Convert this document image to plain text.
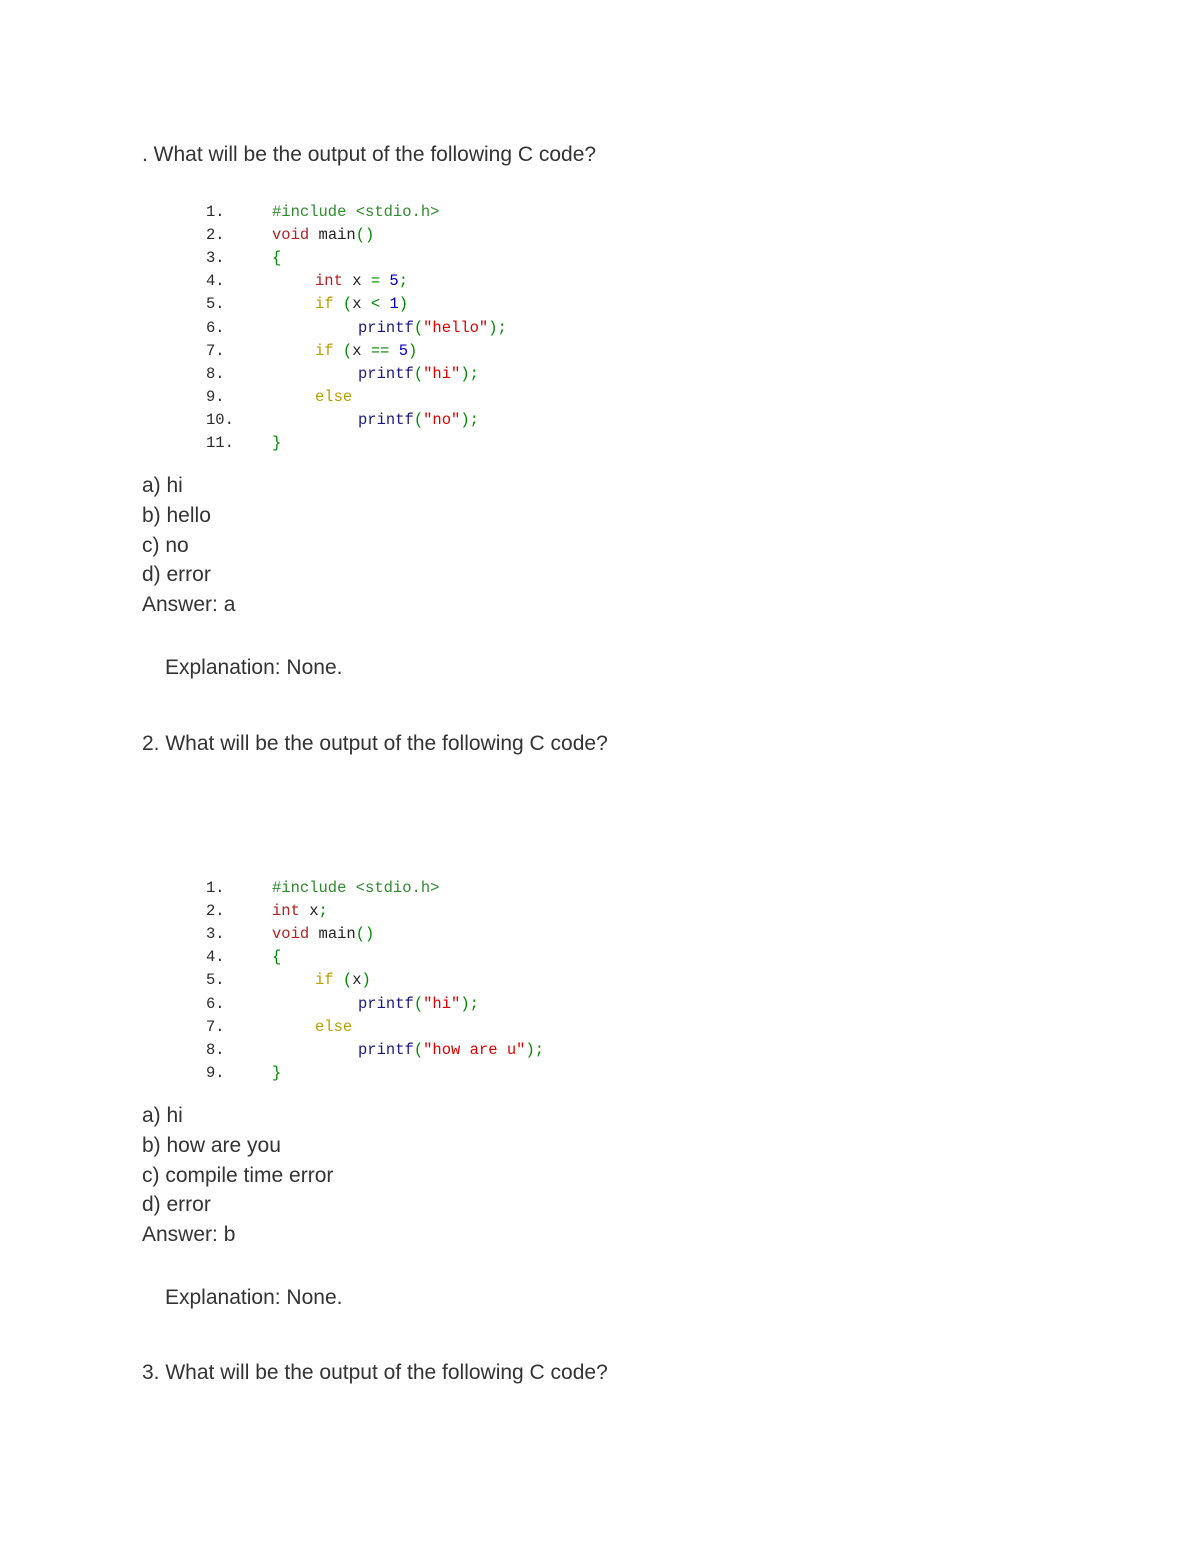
. What will be the output of the following C code?
1.	#include <stdio.h>
2.	void main()
3.	{
4.	int x = 5;
5.	if (x < 1)
6.	printf("hello");
7.	if (x == 5)
8.	printf("hi");
9.	else
10.	printf("no");
11. }
a) hi
b) hello
c) no
d) error
Answer: a
Explanation: None.
2. What will be the output of the following C code?
1.	#include <stdio.h>
2.	int x;
3.	void main()
4.	{
5.	if (x)
6.	printf("hi");
7.	else
8.	printf("how are u");
9.	}
a) hi
b) how are you
c) compile time error
d) error
Answer: b
Explanation: None.
3. What will be the output of the following C code?
